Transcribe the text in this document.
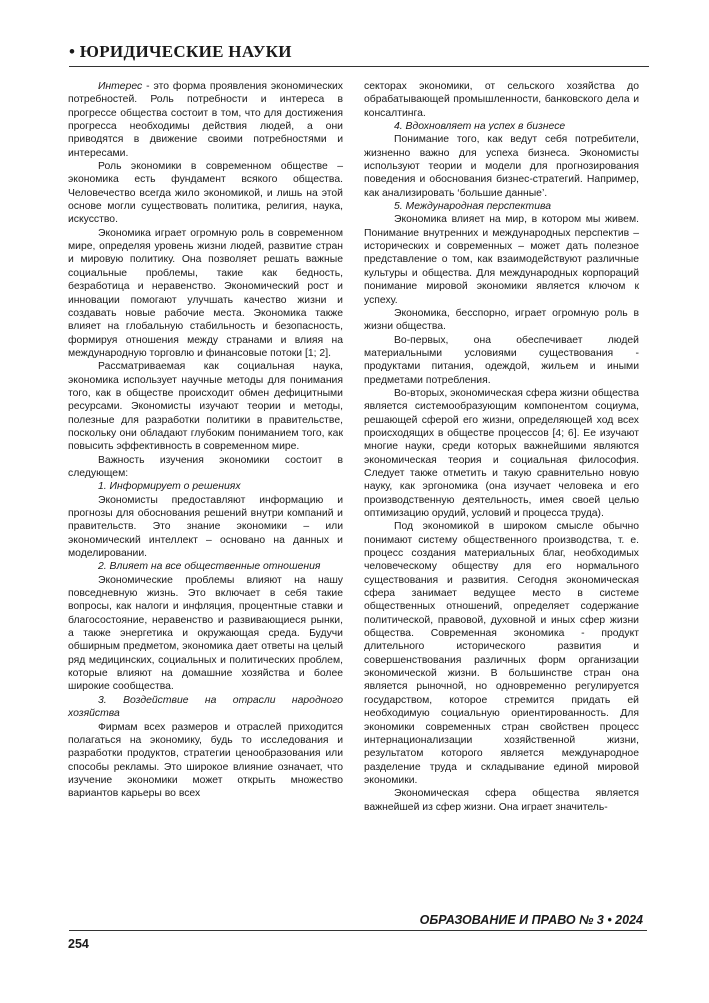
• ЮРИДИЧЕСКИЕ НАУКИ

Интерес - это форма проявления экономических потребностей. Роль потребности и интереса в прогрессе общества состоит в том, что для достижения прогресса необходимы действия людей, а они приводятся в движение своими потребностями и интересами.

Роль экономики в современном обществе – экономика есть фундамент всякого общества. Человечество всегда жило экономикой, и лишь на этой основе могли существовать политика, религия, наука, искусство.

Экономика играет огромную роль в современном мире, определяя уровень жизни людей, развитие стран и мировую политику. Она позволяет решать важные социальные проблемы, такие как бедность, безработица и неравенство. Экономический рост и инновации помогают улучшать качество жизни и создавать новые рабочие места. Экономика также влияет на глобальную стабильность и безопасность, формируя отношения между странами и влияя на международную торговлю и финансовые потоки [1; 2].

Рассматриваемая как социальная наука, экономика использует научные методы для понимания того, как в обществе происходит обмен дефицитными ресурсами. Экономисты изучают теории и методы, полезные для разработки политики в правительстве, поскольку они обладают глубоким пониманием того, как повысить эффективность в современном мире.

Важность изучения экономики состоит в следующем:

1. Информирует о решениях

Экономисты предоставляют информацию и прогнозы для обоснования решений внутри компаний и правительств. Это знание экономики – или экономический интеллект – основано на данных и моделировании.

2. Влияет на все общественные отношения

Экономические проблемы влияют на нашу повседневную жизнь. Это включает в себя такие вопросы, как налоги и инфляция, процентные ставки и благосостояние, неравенство и развивающиеся рынки, а также энергетика и окружающая среда. Будучи обширным предметом, экономика дает ответы на целый ряд медицинских, социальных и политических проблем, которые влияют на домашние хозяйства и более широкие сообщества.

3. Воздействие на отрасли народного хозяйства

Фирмам всех размеров и отраслей приходится полагаться на экономику, будь то исследования и разработки продуктов, стратегии ценообразования или способы рекламы. Это широкое влияние означает, что изучение экономики может открыть множество вариантов карьеры во всех

секторах экономики, от сельского хозяйства до обрабатывающей промышленности, банковского дела и консалтинга.

4. Вдохновляет на успех в бизнесе

Понимание того, как ведут себя потребители, жизненно важно для успеха бизнеса. Экономисты используют теории и модели для прогнозирования поведения и обоснования бизнес-стратегий. Например, как анализировать ‘большие данные’.

5. Международная перспектива

Экономика влияет на мир, в котором мы живем. Понимание внутренних и международных перспектив – исторических и современных – может дать полезное представление о том, как взаимодействуют различные культуры и общества. Для международных корпораций понимание мировой экономики является ключом к успеху.

Экономика, бесспорно, играет огромную роль в жизни общества.

Во-первых, она обеспечивает людей материальными условиями существования - продуктами питания, одеждой, жильем и иными предметами потребления.

Во-вторых, экономическая сфера жизни общества является системообразующим компонентом социума, решающей сферой его жизни, определяющей ход всех происходящих в обществе процессов [4; 6]. Ее изучают многие науки, среди которых важнейшими являются экономическая теория и социальная философия. Следует также отметить и такую сравнительно новую науку, как эргономика (она изучает человека и его производственную деятельность, имея своей целью оптимизацию орудий, условий и процесса труда).

Под экономикой в широком смысле обычно понимают систему общественного производства, т. е. процесс создания материальных благ, необходимых человеческому обществу для его нормального существования и развития. Сегодня экономическая сфера занимает ведущее место в системе общественных отношений, определяет содержание политической, правовой, духовной и иных сфер жизни общества. Современная экономика - продукт длительного исторического развития и совершенствования различных форм организации экономической жизни. В большинстве стран она является рыночной, но одновременно регулируется государством, которое стремится придать ей необходимую социальную ориентированность. Для экономики современных стран свойствен процесс интернационализации хозяйственной жизни, результатом которого является международное разделение труда и складывание единой мировой экономики.

Экономическая сфера общества является важнейшей из сфер жизни. Она играет значитель-

ОБРАЗОВАНИЕ И ПРАВО № 3 • 2024
254
